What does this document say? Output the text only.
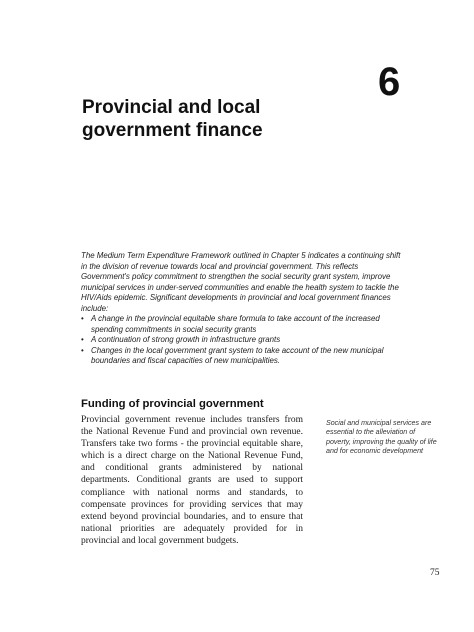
6
Provincial and local
government finance

The Medium Term Expenditure Framework outlined in Chapter 5 indicates a continuing shift in the division of revenue towards local and provincial government. This reflects Government's policy commitment to strengthen the social security grant system, improve municipal services in under-served communities and enable the health system to tackle the HIV/Aids epidemic. Significant developments in provincial and local government finances include:

• A change in the provincial equitable share formula to take account of the increased spending commitments in social security grants
• A continuation of strong growth in infrastructure grants
• Changes in the local government grant system to take account of the new municipal boundaries and fiscal capacities of new municipalities.
Funding of provincial government

Provincial government revenue includes transfers from the National Revenue Fund and provincial own revenue. Transfers take two forms - the provincial equitable share, which is a direct charge on the National Revenue Fund, and conditional grants administered by national departments. Conditional grants are used to support compliance with national norms and standards, to compensate provinces for providing services that may extend beyond provincial boundaries, and to ensure that national priorities are adequately provided for in provincial and local government budgets.

Social and municipal services are essential to the alleviation of poverty, improving the quality of life and for economic development
75
